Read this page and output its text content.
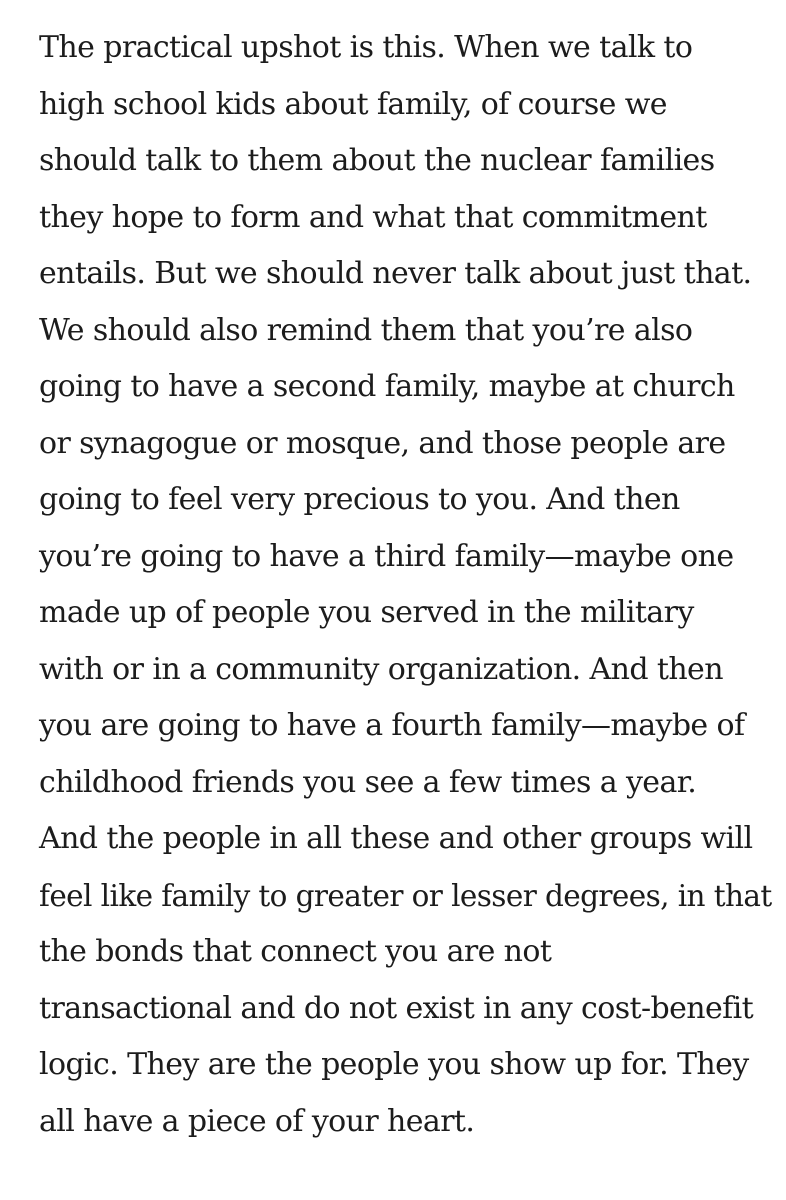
The practical upshot is this. When we talk to
high school kids about family, of course we
should talk to them about the nuclear families
they hope to form and what that commitment
entails. But we should never talk about just that.
We should also remind them that you’re also
going to have a second family, maybe at church
or synagogue or mosque, and those people are
going to feel very precious to you. And then
you’re going to have a third family—maybe one
made up of people you served in the military
with or in a community organization. And then
you are going to have a fourth family—maybe of
childhood friends you see a few times a year.
And the people in all these and other groups will
feel like family to greater or lesser degrees, in that
the bonds that connect you are not
transactional and do not exist in any cost-benefit
logic. They are the people you show up for. They
all have a piece of your heart.
